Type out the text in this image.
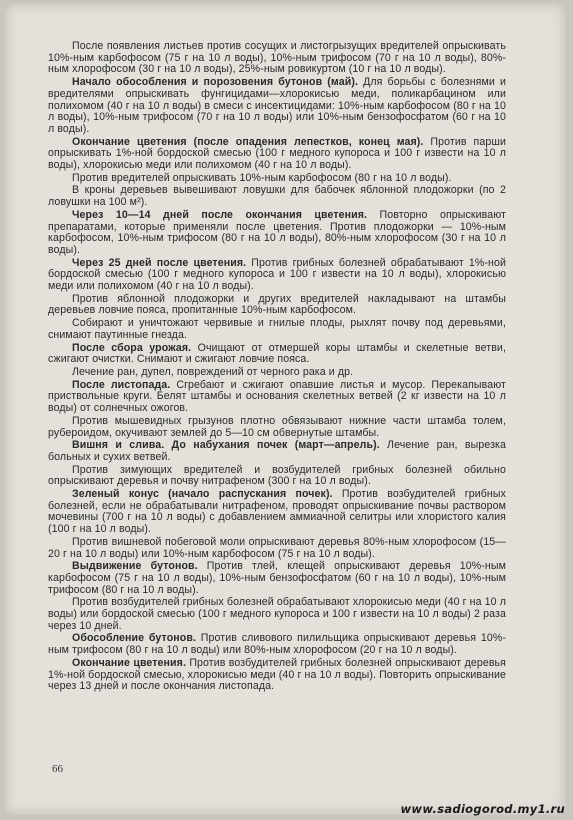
После появления листьев против сосущих и листогрызущих вредителей опрыскивать 10%-ным карбофосом (75 г на 10 л воды), 10%-ным трифосом (70 г на 10 л воды), 80%-ным хлорофосом (30 г на 10 л воды), 25%-ным ровикуртом (10 г на 10 л воды).

Начало обособления и порозовения бутонов (май). Для борьбы с болезнями и вредителями опрыскивать фунгицидами—хлорокисью меди, поликарбацином или полихомом (40 г на 10 л воды) в смеси с инсектицидами: 10%-ным карбофосом (80 г на 10 л воды), 10%-ным трифосом (70 г на 10 л воды) или 10%-ным бензофосфатом (60 г на 10 л воды).

Окончание цветения (после опадения лепестков, конец мая). Против парши опрыскивать 1%-ной бордоской смесью (100 г медного купороса и 100 г извести на 10 л воды), хлорокисью меди или полихомом (40 г на 10 л воды).

Против вредителей опрыскивать 10%-ным карбофосом (80 г на 10 л воды).

В кроны деревьев вывешивают ловушки для бабочек яблонной плодожорки (по 2 ловушки на 100 м²).

Через 10—14 дней после окончания цветения. Повторно опрыскивают препаратами, которые применяли после цветения. Против плодожорки — 10%-ным карбофосом, 10%-ным трифосом (80 г на 10 л воды), 80%-ным хлорофосом (30 г на 10 л воды).

Через 25 дней после цветения. Против грибных болезней обрабатывают 1%-ной бордоской смесью (100 г медного купороса и 100 г извести на 10 л воды), хлорокисью меди или полихомом (40 г на 10 л воды).

Против яблонной плодожорки и других вредителей накладывают на штамбы деревьев ловчие пояса, пропитанные 10%-ным карбофосом.

Собирают и уничтожают червивые и гнилые плоды, рыхлят почву под деревьями, снимают паутинные гнезда.

После сбора урожая. Очищают от отмершей коры штамбы и скелетные ветви, сжигают очистки. Снимают и сжигают ловчие пояса.

Лечение ран, дупел, повреждений от черного рака и др.

После листопада. Сгребают и сжигают опавшие листья и мусор. Перекапывают приствольные круги. Белят штамбы и основания скелетных ветвей (2 кг извести на 10 л воды) от солнечных ожогов.

Против мышевидных грызунов плотно обвязывают нижние части штамба толем, рубероидом, окучивают землей до 5—10 см обвернутые штамбы.

Вишня и слива. До набухания почек (март—апрель). Лечение ран, вырезка больных и сухих ветвей.

Против зимующих вредителей и возбудителей грибных болезней обильно опрыскивают деревья и почву нитрафеном (300 г на 10 л воды).

Зеленый конус (начало распускания почек). Против возбудителей грибных болезней, если не обрабатывали нитрафеном, проводят опрыскивание почвы раствором мочевины (700 г на 10 л воды) с добавлением аммиачной селитры или хлористого калия (100 г на 10 л воды).

Против вишневой побеговой моли опрыскивают деревья 80%-ным хлорофосом (15—20 г на 10 л воды) или 10%-ным карбофосом (75 г на 10 л воды).

Выдвижение бутонов. Против тлей, клещей опрыскивают деревья 10%-ным карбофосом (75 г на 10 л воды), 10%-ным бензофосфатом (60 г на 10 л воды), 10%-ным трифосом (80 г на 10 л воды).

Против возбудителей грибных болезней обрабатывают хлорокисью меди (40 г на 10 л воды) или бордоской смесью (100 г медного купороса и 100 г извести на 10 л воды) 2 раза через 10 дней.

Обособление бутонов. Против сливового пилильщика опрыскивают деревья 10%-ным трифосом (80 г на 10 л воды) или 80%-ным хлорофосом (20 г на 10 л воды).

Окончание цветения. Против возбудителей грибных болезней опрыскивают деревья 1%-ной бордоской смесью, хлорокисью меди (40 г на 10 л воды). Повторить опрыскивание через 13 дней и после окончания листопада.

66
www.sadiogorod.my1.ru
